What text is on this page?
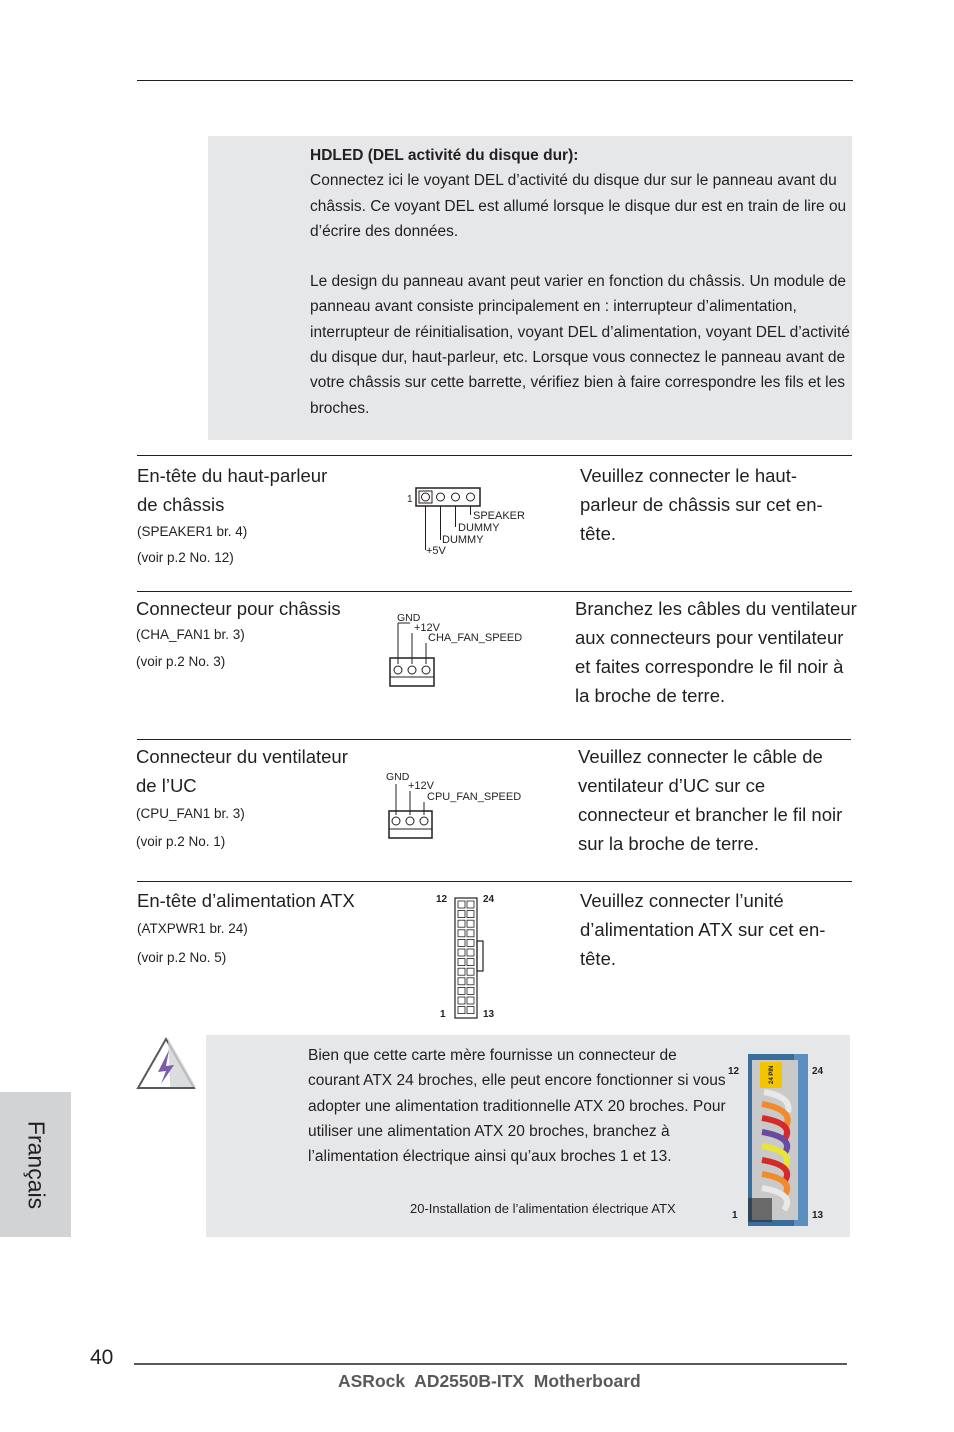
HDLED (DEL activité du disque dur):

Connectez ici le voyant DEL d’activité du disque dur sur le panneau avant du châssis. Ce voyant DEL est allumé lorsque le disque dur est en train de lire ou d’écrire des données.

Le design du panneau avant peut varier en fonction du châssis. Un module de panneau avant consiste principalement en : interrupteur d’alimentation, interrupteur de réinitialisation, voyant DEL d’alimentation, voyant DEL d’activité du disque dur, haut-parleur, etc. Lorsque vous connectez le panneau avant de votre châssis sur cette barrette, vérifiez bien à faire correspondre les fils et les broches.

En-tête du haut-parleur

de châssis

(SPEAKER1 br. 4)

(voir p.2 No. 12)

1
SPEAKER
DUMMY
DUMMY
+5V

Veuillez connecter le haut-parleur de châssis sur cet en-tête.

Connecteur pour châssis

(CHA_FAN1 br. 3)

(voir p.2 No. 3)

GND
+12V
CHA_FAN_SPEED

Branchez les câbles du ventilateur aux connecteurs pour ventilateur et faites correspondre le fil noir à la broche de terre.

Connecteur du ventilateur

de l’UC

(CPU_FAN1 br. 3)

(voir p.2 No. 1)

GND
+12V
CPU_FAN_SPEED

Veuillez connecter le câble de ventilateur d’UC sur ce connecteur et brancher le fil noir sur la broche de terre.

En-tête d’alimentation ATX

(ATXPWR1 br. 24)

(voir p.2 No. 5)

12	24
1	13

Veuillez connecter l’unité d’alimentation ATX sur cet en-tête.

Bien que cette carte mère fournisse un connecteur de courant ATX 24 broches, elle peut encore fonctionner si vous adopter une alimentation traditionnelle ATX 20 broches. Pour utiliser une alimentation ATX 20 broches, branchez à l’alimentation électrique ainsi qu’aux broches 1 et 13.

20-Installation de l’alimentation électrique ATX
12	24
24 PIN
1	13
Français
40
ASRock  AD2550B-ITX  Motherboard
